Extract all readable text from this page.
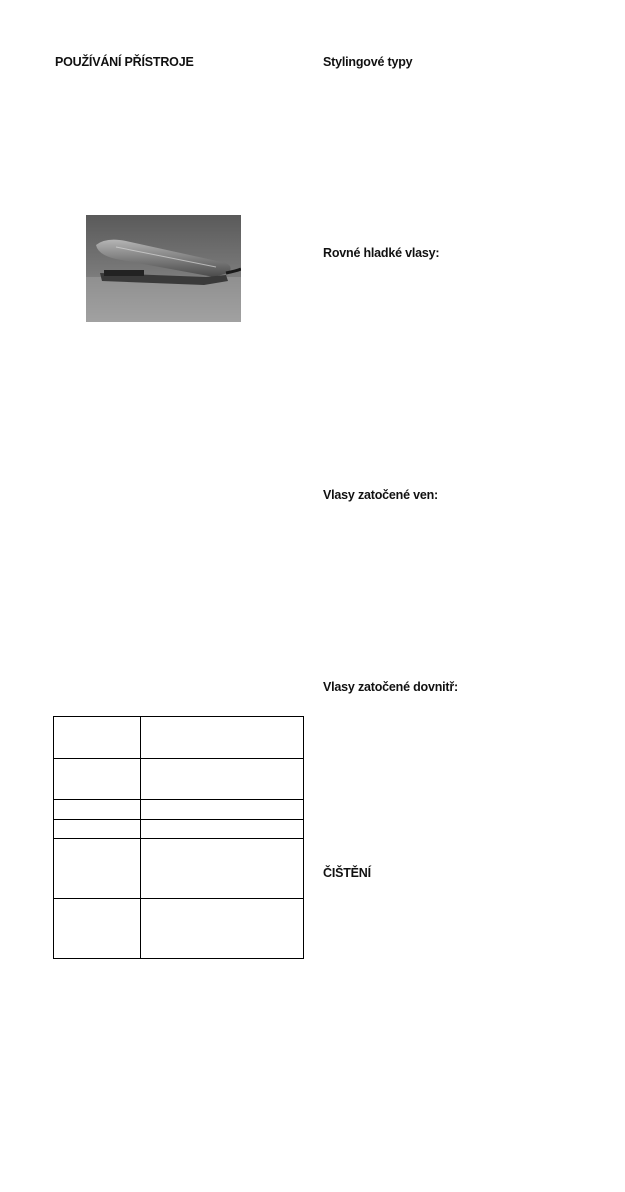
POUŽÍVÁNÍ PŘÍSTROJE

		Stylingové typy
Rovné hladké vlasy:
Vlasy zatočené ven:
Vlasy zatočené dovnitř:
ČIŠTĚNÍ
